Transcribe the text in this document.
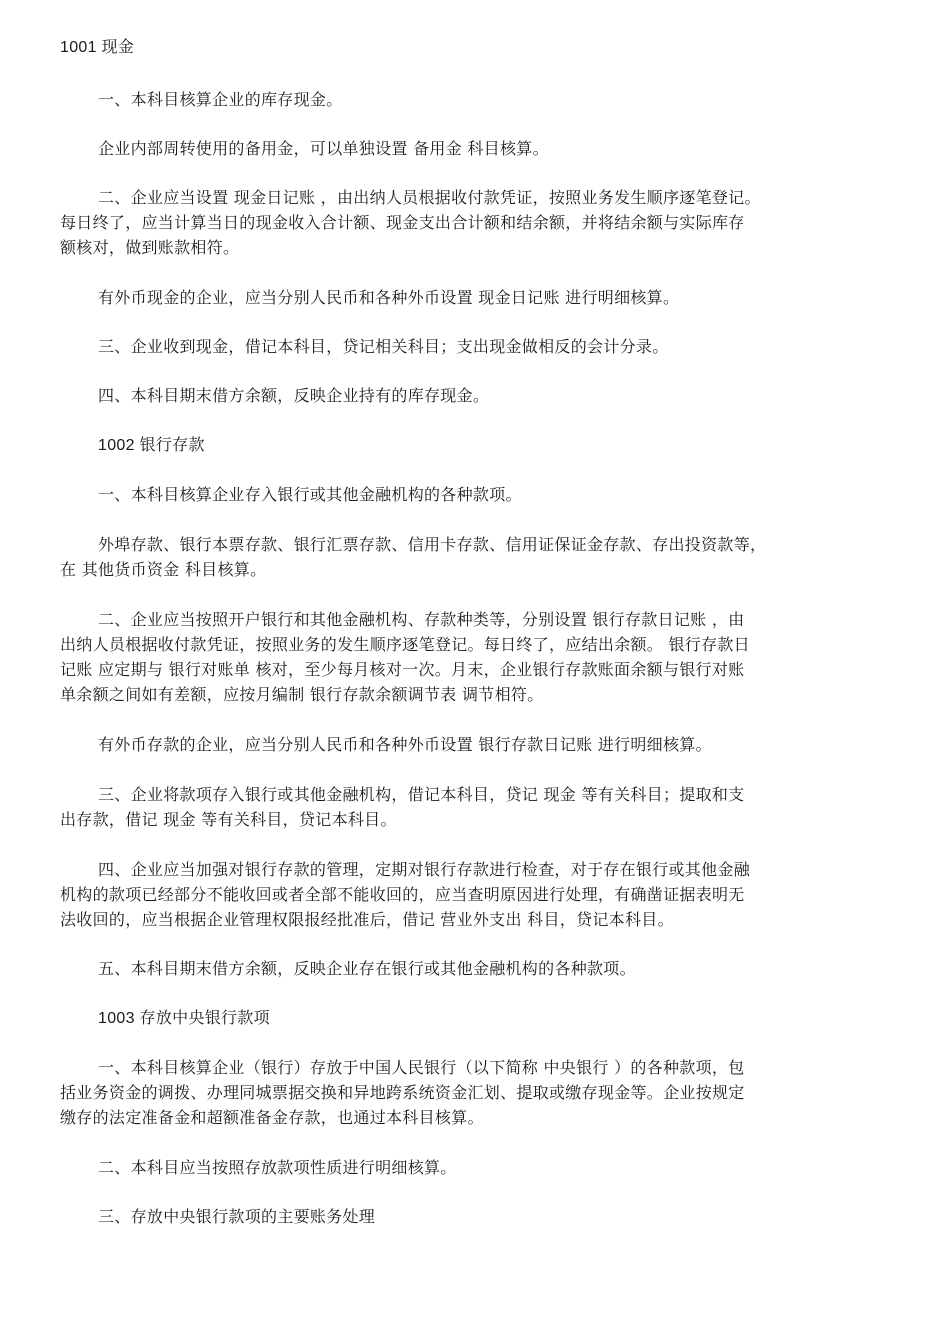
1001 现金
一、本科目核算企业的库存现金。
企业内部周转使用的备用金，可以单独设置 备用金 科目核算。
二、企业应当设置 现金日记账 ，由出纳人员根据收付款凭证，按照业务发生顺序逐笔登记。
每日终了，应当计算当日的现金收入合计额、现金支出合计额和结余额，并将结余额与实际库存
额核对，做到账款相符。
有外币现金的企业，应当分别人民币和各种外币设置 现金日记账 进行明细核算。
三、企业收到现金，借记本科目，贷记相关科目；支出现金做相反的会计分录。
四、本科目期末借方余额，反映企业持有的库存现金。
1002 银行存款
一、本科目核算企业存入银行或其他金融机构的各种款项。
外埠存款、银行本票存款、银行汇票存款、信用卡存款、信用证保证金存款、存出投资款等，
在 其他货币资金 科目核算。
二、企业应当按照开户银行和其他金融机构、存款种类等，分别设置 银行存款日记账 ，由
出纳人员根据收付款凭证，按照业务的发生顺序逐笔登记。每日终了，应结出余额。 银行存款日
记账 应定期与 银行对账单 核对，至少每月核对一次。月末，企业银行存款账面余额与银行对账
单余额之间如有差额，应按月编制 银行存款余额调节表 调节相符。
有外币存款的企业，应当分别人民币和各种外币设置 银行存款日记账 进行明细核算。
三、企业将款项存入银行或其他金融机构，借记本科目，贷记 现金 等有关科目；提取和支
出存款，借记 现金 等有关科目，贷记本科目。
四、企业应当加强对银行存款的管理，定期对银行存款进行检查，对于存在银行或其他金融
机构的款项已经部分不能收回或者全部不能收回的，应当查明原因进行处理，有确凿证据表明无
法收回的，应当根据企业管理权限报经批准后，借记 营业外支出 科目，贷记本科目。
五、本科目期末借方余额，反映企业存在银行或其他金融机构的各种款项。
1003 存放中央银行款项
一、本科目核算企业（银行）存放于中国人民银行（以下简称 中央银行 ）的各种款项，包
括业务资金的调拨、办理同城票据交换和异地跨系统资金汇划、提取或缴存现金等。企业按规定
缴存的法定准备金和超额准备金存款，也通过本科目核算。
二、本科目应当按照存放款项性质进行明细核算。
三、存放中央银行款项的主要账务处理
